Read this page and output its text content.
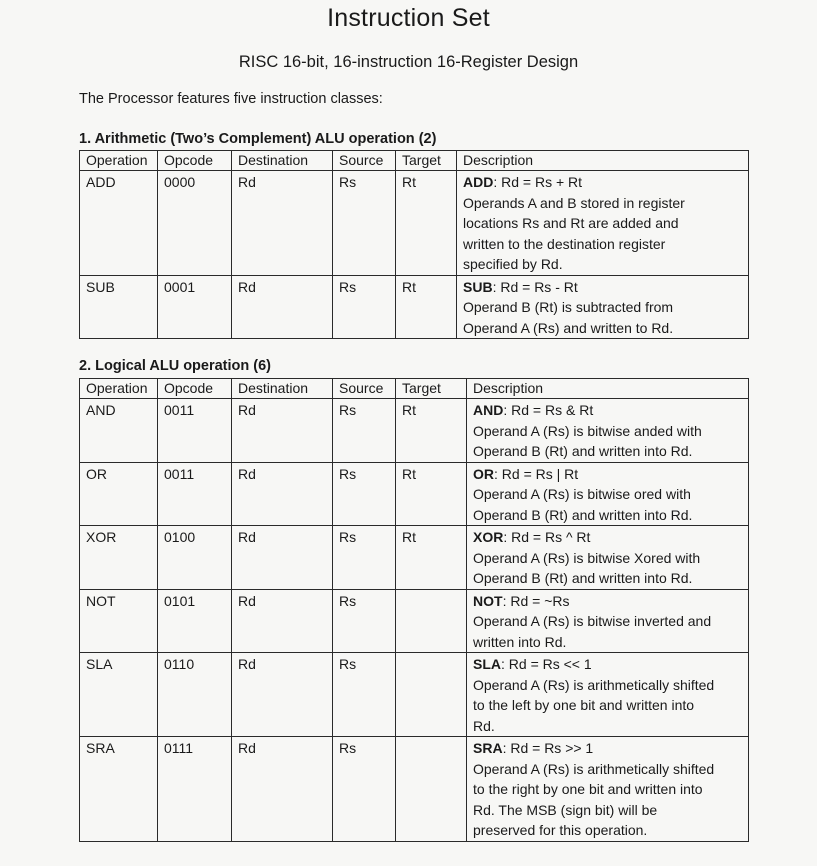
Instruction Set
RISC 16-bit, 16-instruction 16-Register Design
The Processor features five instruction classes:
1. Arithmetic (Two’s Complement) ALU operation (2)
Operation	Opcode	Destination	Source	Target	Description
ADD	0000	Rd	Rs	Rt	ADD: Rd = Rs + Rt
Operands A and B stored in register
locations Rs and Rt are added and
written to the destination register
specified by Rd.

SUB	0001	Rd	Rs	Rt	SUB: Rd = Rs - Rt
Operand B (Rt) is subtracted from
Operand A (Rs) and written to Rd.
2. Logical ALU operation (6)
Operation	Opcode	Destination	Source	Target	Description
AND	0011	Rd	Rs	Rt	AND: Rd = Rs & Rt
Operand A (Rs) is bitwise anded with
Operand B (Rt) and written into Rd.

OR	0011	Rd	Rs	Rt	OR: Rd = Rs | Rt
Operand A (Rs) is bitwise ored with
Operand B (Rt) and written into Rd.

XOR	0100	Rd	Rs	Rt	XOR: Rd = Rs ^ Rt
Operand A (Rs) is bitwise Xored with
Operand B (Rt) and written into Rd.

NOT	0101	Rd	Rs		NOT: Rd = ~Rs
Operand A (Rs) is bitwise inverted and
written into Rd.

SLA	0110	Rd	Rs		SLA: Rd = Rs << 1
Operand A (Rs) is arithmetically shifted
to the left by one bit and written into
Rd.

SRA	0111	Rd	Rs		SRA: Rd = Rs >> 1
Operand A (Rs) is arithmetically shifted
to the right by one bit and written into
Rd. The MSB (sign bit) will be
preserved for this operation.
